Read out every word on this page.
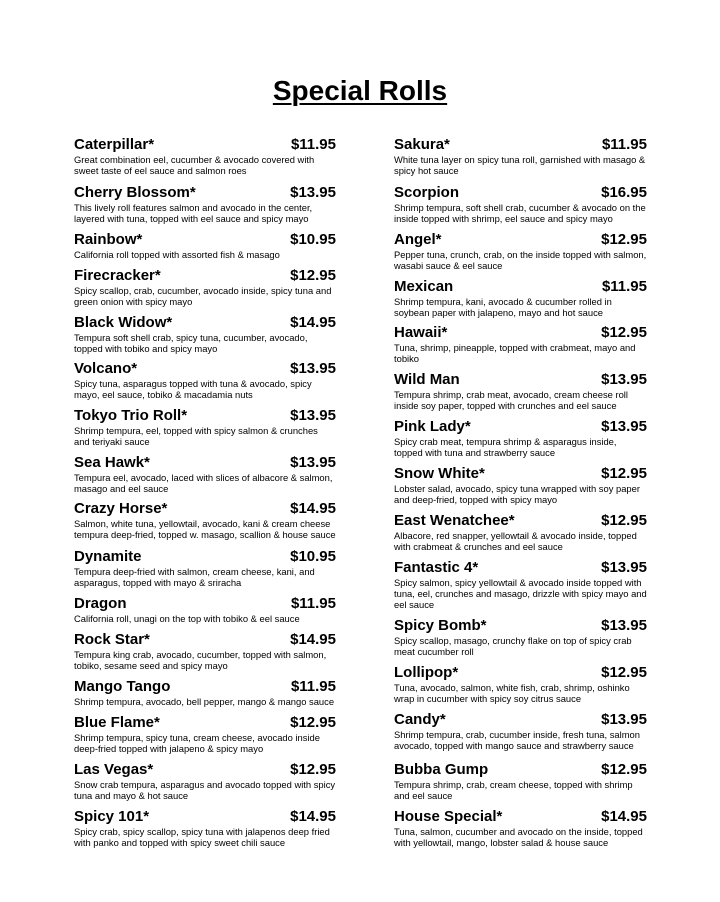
Special Rolls
Caterpillar*	$11.95
Great combination eel, cucumber & avocado covered with sweet taste of eel sauce and salmon roes
Cherry Blossom*	$13.95
This lively roll features salmon and avocado in the center, layered with tuna, topped with eel sauce and spicy mayo
Rainbow*	$10.95
California roll topped with assorted fish & masago
Firecracker*	$12.95
Spicy scallop, crab, cucumber, avocado inside, spicy tuna and green onion with spicy mayo
Black Widow*	$14.95
Tempura soft shell crab, spicy tuna, cucumber, avocado, topped with tobiko and spicy mayo
Volcano*	$13.95
Spicy tuna, asparagus topped with tuna & avocado, spicy mayo, eel sauce, tobiko & macadamia nuts
Tokyo Trio Roll*	$13.95
Shrimp tempura, eel, topped with spicy salmon & crunches and teriyaki sauce
Sea Hawk*	$13.95
Tempura eel, avocado, laced with slices of albacore & salmon, masago and eel sauce
Crazy Horse*	$14.95
Salmon, white tuna, yellowtail, avocado, kani & cream cheese tempura deep-fried, topped w. masago, scallion & house sauce
Dynamite	$10.95
Tempura deep-fried with salmon, cream cheese, kani, and asparagus, topped with mayo & sriracha
Dragon	$11.95
California roll, unagi on the top with tobiko & eel sauce
Rock Star*	$14.95
Tempura king crab, avocado, cucumber, topped with salmon, tobiko, sesame seed and spicy mayo
Mango Tango	$11.95
Shrimp tempura, avocado, bell pepper, mango & mango sauce
Blue Flame*	$12.95
Shrimp tempura, spicy tuna, cream cheese, avocado inside deep-fried topped with jalapeno & spicy mayo
Las Vegas*	$12.95
Snow crab tempura, asparagus and avocado topped with spicy tuna and mayo & hot sauce
Spicy 101*	$14.95
Spicy crab, spicy scallop, spicy tuna with jalapenos deep fried with panko and topped with spicy sweet chili sauce
Sakura*	$11.95
White tuna layer on spicy tuna roll, garnished with masago & spicy hot sauce
Scorpion	$16.95
Shrimp tempura, soft shell crab, cucumber & avocado on the inside topped with shrimp, eel sauce and spicy mayo
Angel*	$12.95
Pepper tuna, crunch, crab, on the inside topped with salmon, wasabi sauce & eel sauce
Mexican	$11.95
Shrimp tempura, kani, avocado & cucumber rolled in soybean paper with jalapeno, mayo and hot sauce
Hawaii*	$12.95
Tuna, shrimp, pineapple, topped with crabmeat, mayo and tobiko
Wild Man	$13.95
Tempura shrimp, crab meat, avocado, cream cheese roll inside soy paper, topped with crunches and eel sauce
Pink Lady*	$13.95
Spicy crab meat, tempura shrimp & asparagus inside, topped with tuna and strawberry sauce
Snow White*	$12.95
Lobster salad, avocado, spicy tuna wrapped with soy paper and deep-fried, topped with spicy mayo
East Wenatchee*	$12.95
Albacore, red snapper, yellowtail & avocado inside, topped with crabmeat & crunches and eel sauce
Fantastic 4*	$13.95
Spicy salmon, spicy yellowtail & avocado inside topped with tuna, eel, crunches and masago, drizzle with spicy mayo and eel sauce
Spicy Bomb*	$13.95
Spicy scallop, masago, crunchy flake on top of spicy crab meat cucumber roll
Lollipop*	$12.95
Tuna, avocado, salmon, white fish, crab, shrimp, oshinko wrap in cucumber with spicy soy citrus sauce
Candy*	$13.95
Shrimp tempura, crab, cucumber inside, fresh tuna, salmon avocado, topped with mango sauce and strawberry sauce
Bubba Gump	$12.95
Tempura shrimp, crab, cream cheese, topped with shrimp and eel sauce
House Special*	$14.95
Tuna, salmon, cucumber and avocado on the inside, topped with yellowtail, mango, lobster salad & house sauce
